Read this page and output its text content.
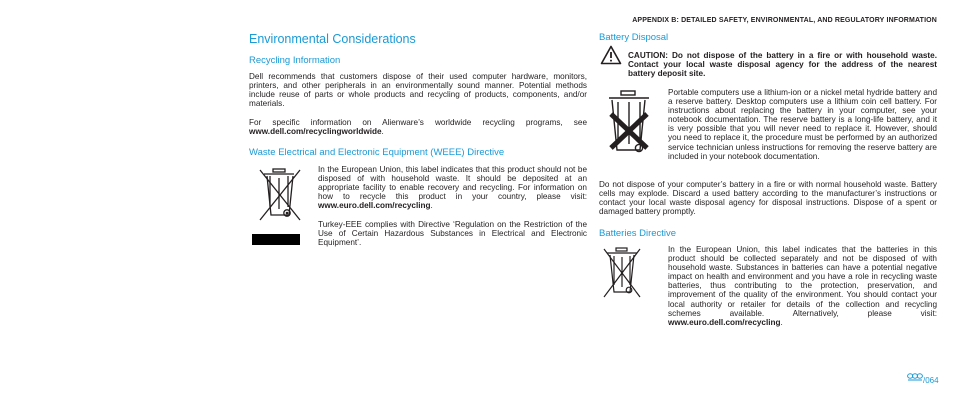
APPENDIX B: DETAILED SAFETY, ENVIRONMENTAL, AND REGULATORY INFORMATION
Environmental Considerations
Recycling Information

Dell recommends that customers dispose of their used computer hardware, monitors, printers, and other peripherals in an environmentally sound manner. Potential methods include reuse of parts or whole products and recycling of products, components, and/or materials.

For specific information on Alienware’s worldwide recycling programs, see www.dell.com/recyclingworldwide.

Waste Electrical and Electronic Equipment (WEEE) Directive

In the European Union, this label indicates that this product should not be disposed of with household waste. It should be deposited at an appropriate facility to enable recovery and recycling. For information on how to recycle this product in your country, please visit: www.euro.dell.com/recycling.

Turkey-EEE complies with Directive ‘Regulation on the Restriction of the Use of Certain Hazardous Substances in Electrical and Electronic Equipment’.

Battery Disposal

CAUTION: Do not dispose of the battery in a fire or with household waste. Contact your local waste disposal agency for the address of the nearest battery deposit site.

Portable computers use a lithium-ion or a nickel metal hydride battery and a reserve battery. Desktop computers use a lithium coin cell battery. For instructions about replacing the battery in your computer, see your notebook documentation. The reserve battery is a long-life battery, and it is very possible that you will never need to replace it. However, should you need to replace it, the procedure must be performed by an authorized service technician unless instructions for removing the reserve battery are included in your notebook documentation.

Do not dispose of your computer’s battery in a fire or with normal household waste. Battery cells may explode. Discard a used battery according to the manufacturer’s instructions or contact your local waste disposal agency for disposal instructions. Dispose of a spent or damaged battery promptly.

Batteries Directive

In the European Union, this label indicates that the batteries in this product should be collected separately and not be disposed of with household waste. Substances in batteries can have a potential negative impact on health and environment and you have a role in recycling waste batteries, thus contributing to the protection, preservation, and improvement of the quality of the environment. You should contact your local authority or retailer for details of the collection and recycling schemes available. Alternatively, please visit: www.euro.dell.com/recycling.

/064
